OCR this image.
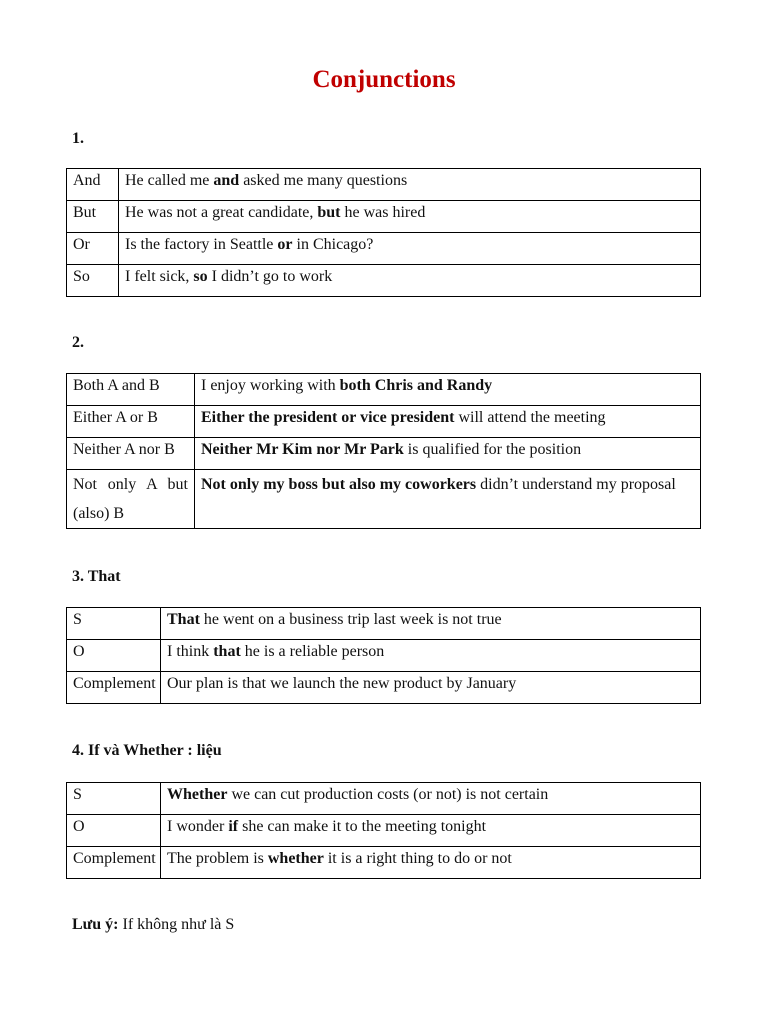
Conjunctions
1.
And	He called me and asked me many questions
But	He was not a great candidate, but he was hired
Or	Is the factory in Seattle or in Chicago?
So	I felt sick, so I didn’t go to work
2.
Both A and B	I enjoy working with both Chris and Randy
Either A or B	Either the president or vice president will attend the meeting
Neither A nor B	Neither Mr Kim nor Mr Park is qualified for the position

Not only A but
(also) B	Not only my boss but also my coworkers didn’t understand my proposal
3. That
S	That he went on a business trip last week is not true
O	I think that he is a reliable person
Complement	Our plan is that we launch the new product by January
4. If và Whether : liệu
S	Whether we can cut production costs (or not) is not certain
O	I wonder if she can make it to the meeting tonight
Complement	The problem is whether it is a right thing to do or not
Lưu ý: If không như là S
